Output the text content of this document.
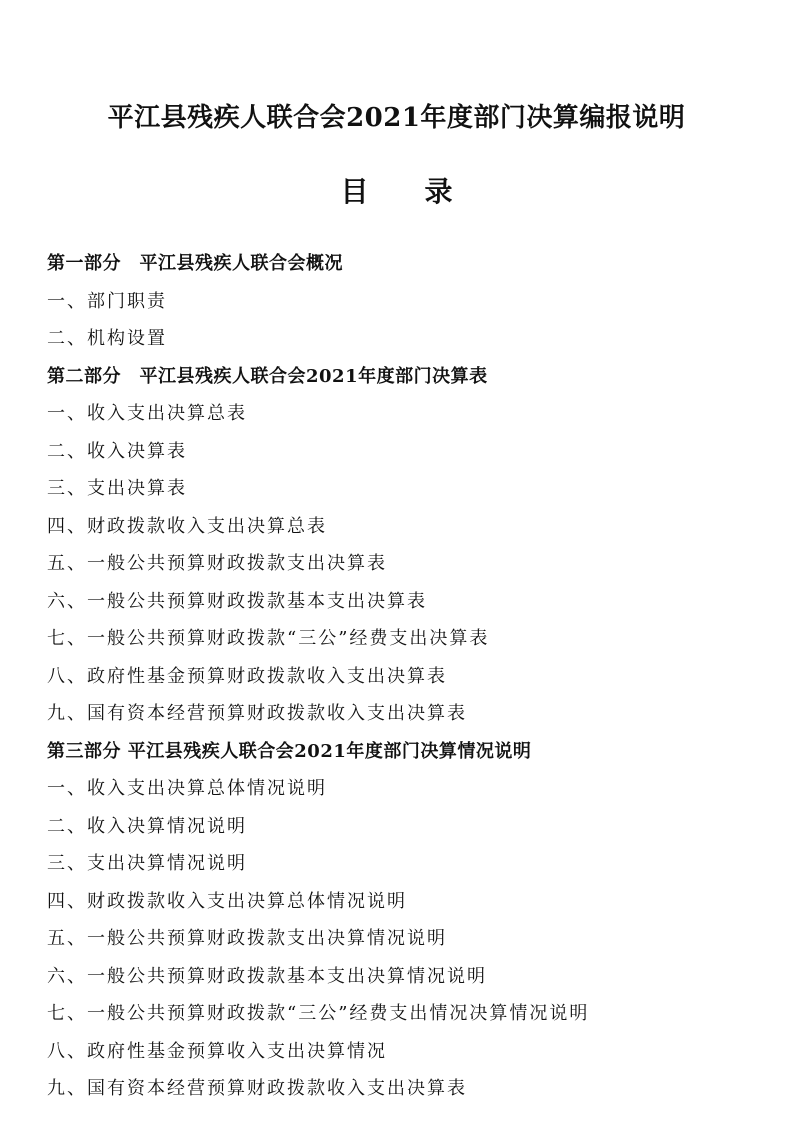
平江县残疾人联合会2021年度部门决算编报说明
目 录
第一部分　平江县残疾人联合会概况
一、部门职责
二、机构设置
第二部分　平江县残疾人联合会2021年度部门决算表
一、收入支出决算总表
二、收入决算表
三、支出决算表
四、财政拨款收入支出决算总表
五、一般公共预算财政拨款支出决算表
六、一般公共预算财政拨款基本支出决算表
七、一般公共预算财政拨款“三公”经费支出决算表
八、政府性基金预算财政拨款收入支出决算表
九、国有资本经营预算财政拨款收入支出决算表
第三部分 平江县残疾人联合会2021年度部门决算情况说明
一、收入支出决算总体情况说明
二、收入决算情况说明
三、支出决算情况说明
四、财政拨款收入支出决算总体情况说明
五、一般公共预算财政拨款支出决算情况说明
六、一般公共预算财政拨款基本支出决算情况说明
七、一般公共预算财政拨款“三公”经费支出情况决算情况说明
八、政府性基金预算收入支出决算情况
九、国有资本经营预算财政拨款收入支出决算表
